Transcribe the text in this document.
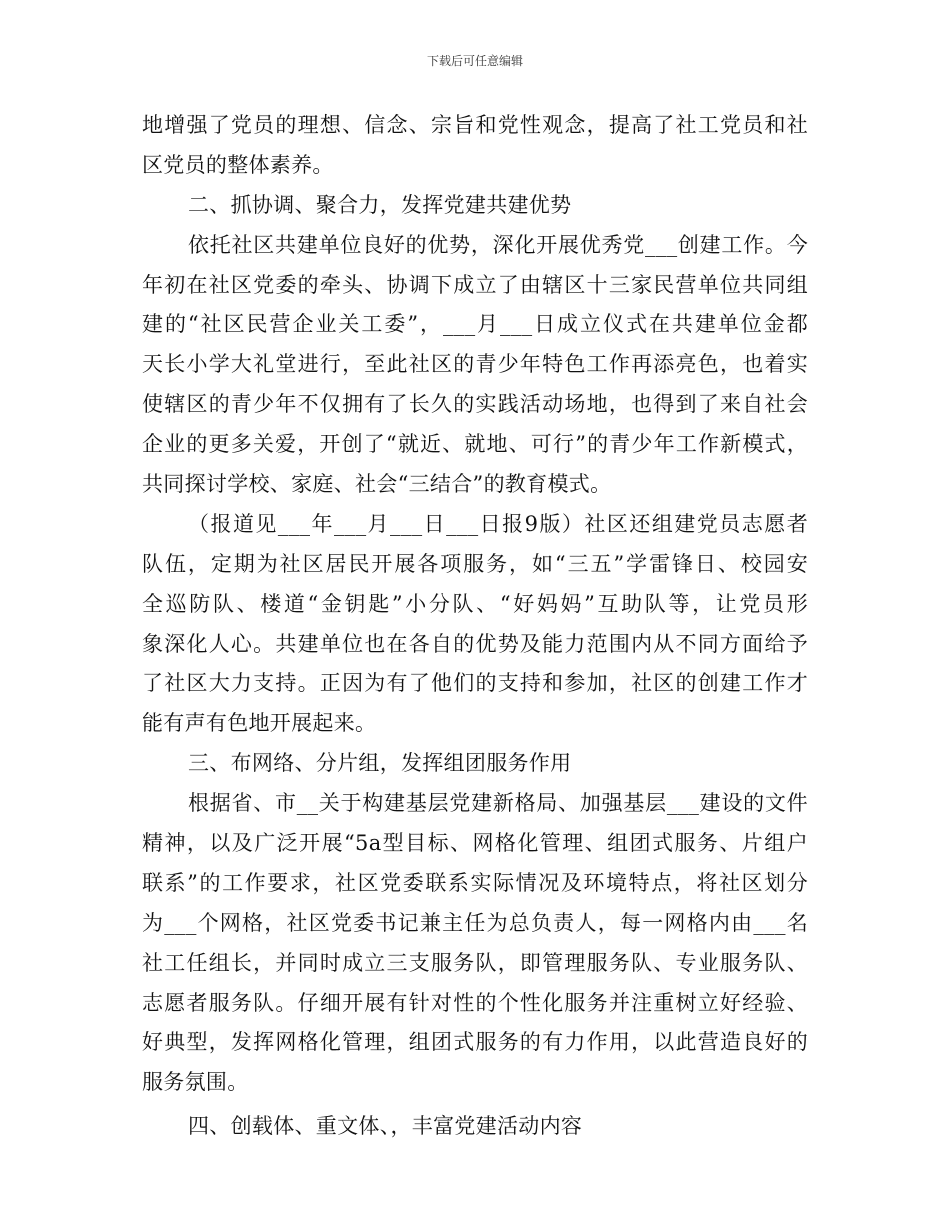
下载后可任意编辑
地增强了党员的理想、信念、宗旨和党性观念，提高了社工党员和社
区党员的整体素养。
二、抓协调、聚合力，发挥党建共建优势
依托社区共建单位良好的优势，深化开展优秀党___创建工作。今
年初在社区党委的牵头、协调下成立了由辖区十三家民营单位共同组
建的“社区民营企业关工委”，___月___日成立仪式在共建单位金都
天长小学大礼堂进行，至此社区的青少年特色工作再添亮色，也着实
使辖区的青少年不仅拥有了长久的实践活动场地，也得到了来自社会
企业的更多关爱，开创了“就近、就地、可行”的青少年工作新模式，
共同探讨学校、家庭、社会“三结合”的教育模式。
（报道见___年___月___日___日报9版）社区还组建党员志愿者
队伍，定期为社区居民开展各项服务，如“三五”学雷锋日、校园安
全巡防队、楼道“金钥匙”小分队、“好妈妈”互助队等，让党员形
象深化人心。共建单位也在各自的优势及能力范围内从不同方面给予
了社区大力支持。正因为有了他们的支持和参加，社区的创建工作才
能有声有色地开展起来。
三、布网络、分片组，发挥组团服务作用
根据省、市__关于构建基层党建新格局、加强基层___建设的文件
精神，以及广泛开展“5a型目标、网格化管理、组团式服务、片组户
联系”的工作要求，社区党委联系实际情况及环境特点，将社区划分
为___个网格，社区党委书记兼主任为总负责人，每一网格内由___名
社工任组长，并同时成立三支服务队，即管理服务队、专业服务队、
志愿者服务队。仔细开展有针对性的个性化服务并注重树立好经验、
好典型，发挥网格化管理，组团式服务的有力作用，以此营造良好的
服务氛围。
四、创载体、重文体、，丰富党建活动内容
